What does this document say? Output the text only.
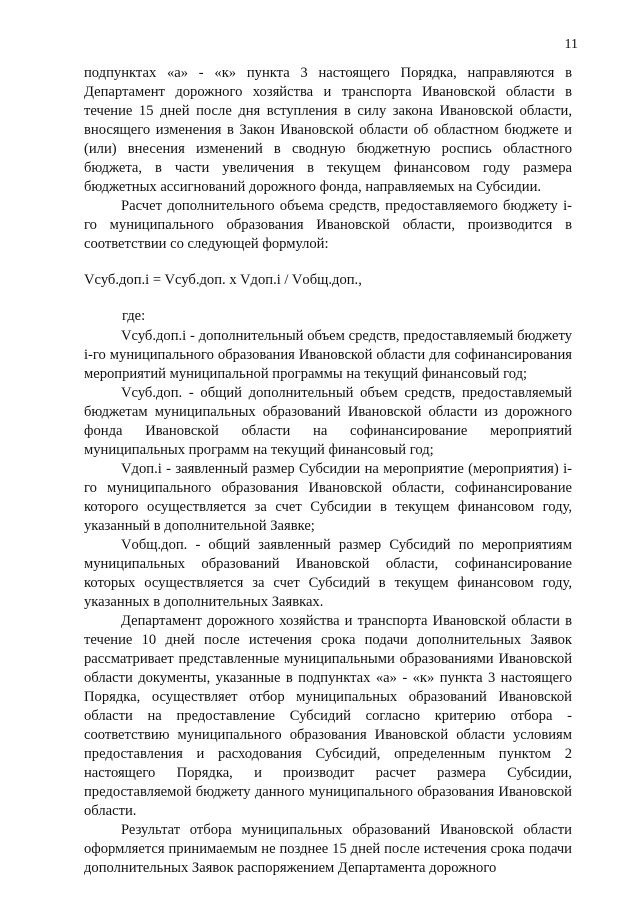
11

подпунктах «а» - «к» пункта 3 настоящего Порядка, направляются в Департамент дорожного хозяйства и транспорта Ивановской области в течение 15 дней после дня вступления в силу закона Ивановской области, вносящего изменения в Закон Ивановской области об областном бюджете и (или) внесения изменений в сводную бюджетную роспись областного бюджета, в части увеличения в текущем финансовом году размера бюджетных ассигнований дорожного фонда, направляемых на Субсидии.

Расчет дополнительного объема средств, предоставляемого бюджету i-го муниципального образования Ивановской области, производится в соответствии со следующей формулой:

Vсуб.доп.i = Vсуб.доп. x Vдоп.i / Vобщ.доп.,

где:

Vсуб.доп.i - дополнительный объем средств, предоставляемый бюджету i-го муниципального образования Ивановской области для софинансирования мероприятий муниципальной программы на текущий финансовый год;

Vсуб.доп. - общий дополнительный объем средств, предоставляемый бюджетам муниципальных образований Ивановской области из дорожного фонда Ивановской области на софинансирование мероприятий муниципальных программ на текущий финансовый год;

Vдоп.i - заявленный размер Субсидии на мероприятие (мероприятия) i-го муниципального образования Ивановской области, софинансирование которого осуществляется за счет Субсидии в текущем финансовом году, указанный в дополнительной Заявке;

Vобщ.доп. - общий заявленный размер Субсидий по мероприятиям муниципальных образований Ивановской области, софинансирование которых осуществляется за счет Субсидий в текущем финансовом году, указанных в дополнительных Заявках.

Департамент дорожного хозяйства и транспорта Ивановской области в течение 10 дней после истечения срока подачи дополнительных Заявок рассматривает представленные муниципальными образованиями Ивановской области документы, указанные в подпунктах «а» - «к» пункта 3 настоящего Порядка, осуществляет отбор муниципальных образований Ивановской области на предоставление Субсидий согласно критерию отбора - соответствию муниципального образования Ивановской области условиям предоставления и расходования Субсидий, определенным пунктом 2 настоящего Порядка, и производит расчет размера Субсидии, предоставляемой бюджету данного муниципального образования Ивановской области.

Результат отбора муниципальных образований Ивановской области оформляется принимаемым не позднее 15 дней после истечения срока подачи дополнительных Заявок распоряжением Департамента дорожного
